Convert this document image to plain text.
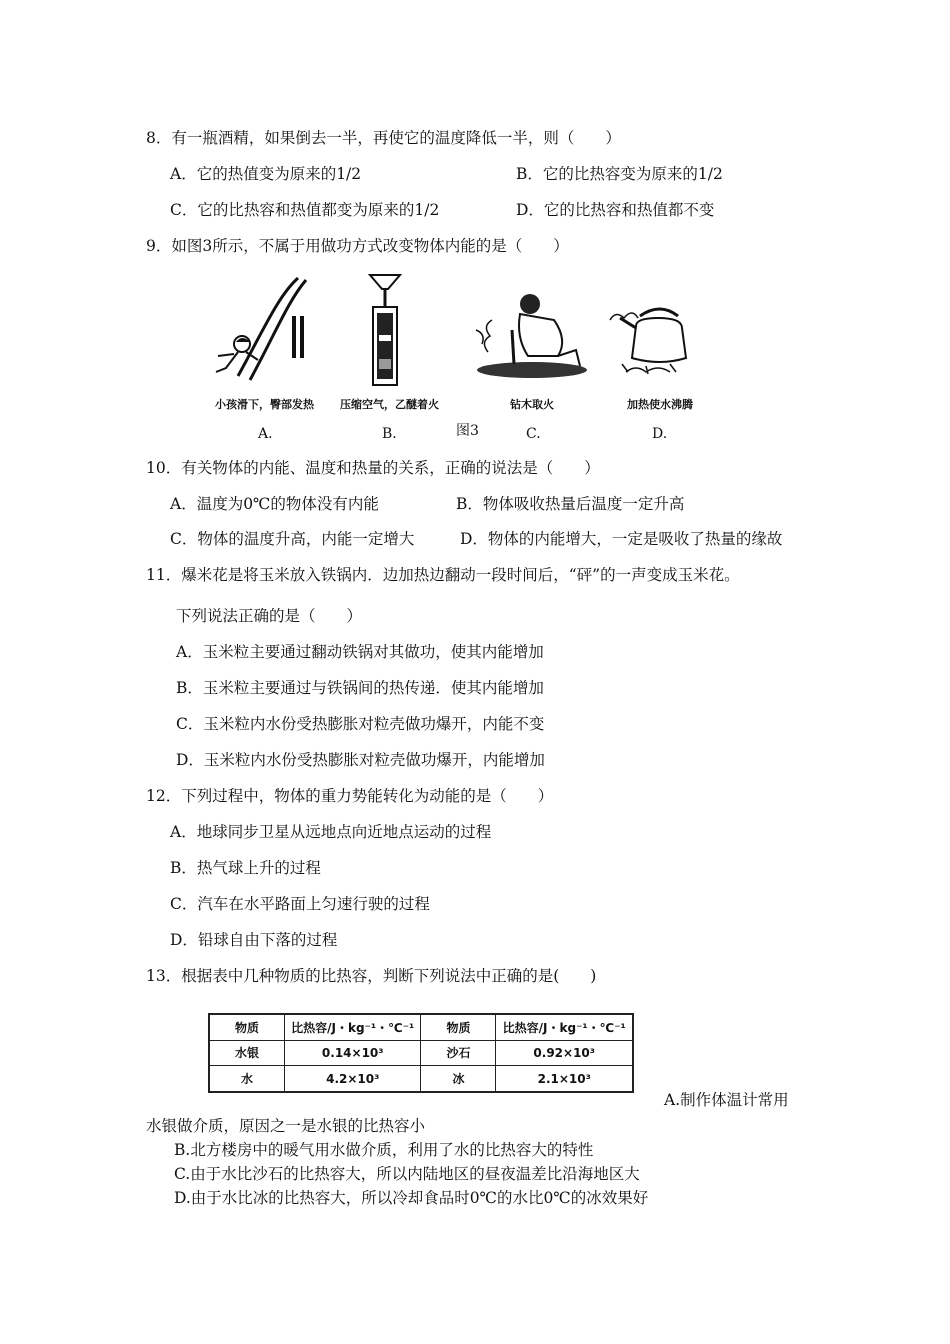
8．有一瓶酒精，如果倒去一半，再使它的温度降低一半，则（　　）
A．它的热值变为原来的1/2	B．它的比热容变为原来的1/2
C．它的比热容和热值都变为原来的1/2	D．它的比热容和热值都不变
9．如图3所示，不属于用做功方式改变物体内能的是（　　）
小孩滑下，臀部发热
A.
压缩空气，乙醚着火
B.
钻木取火
C.
加热使水沸腾
D.
图3
10．有关物体的内能、温度和热量的关系，正确的说法是（　　）
A．温度为0℃的物体没有内能	B．物体吸收热量后温度一定升高
C．物体的温度升高，内能一定增大	D．物体的内能增大，一定是吸收了热量的缘故
11．爆米花是将玉米放入铁锅内．边加热边翻动一段时间后，“砰”的一声变成玉米花。
下列说法正确的是（　　）
A．玉米粒主要通过翻动铁锅对其做功，使其内能增加
B．玉米粒主要通过与铁锅间的热传递．使其内能增加
C．玉米粒内水份受热膨胀对粒壳做功爆开，内能不变
D．玉米粒内水份受热膨胀对粒壳做功爆开，内能增加
12．下列过程中，物体的重力势能转化为动能的是（　　）
A．地球同步卫星从远地点向近地点运动的过程
B．热气球上升的过程
C．汽车在水平路面上匀速行驶的过程
D．铅球自由下落的过程
13．根据表中几种物质的比热容，判断下列说法中正确的是(　　)
物质	比热容/J・kg⁻¹・℃⁻¹	物质	比热容/J・kg⁻¹・℃⁻¹
水银	0.14×10³	沙石	0.92×10³
水	4.2×10³	冰	2.1×10³
A.制作体温计常用
水银做介质，原因之一是水银的比热容小
B.北方楼房中的暖气用水做介质，利用了水的比热容大的特性
C.由于水比沙石的比热容大，所以内陆地区的昼夜温差比沿海地区大
D.由于水比冰的比热容大，所以冷却食品时0℃的水比0℃的冰效果好
